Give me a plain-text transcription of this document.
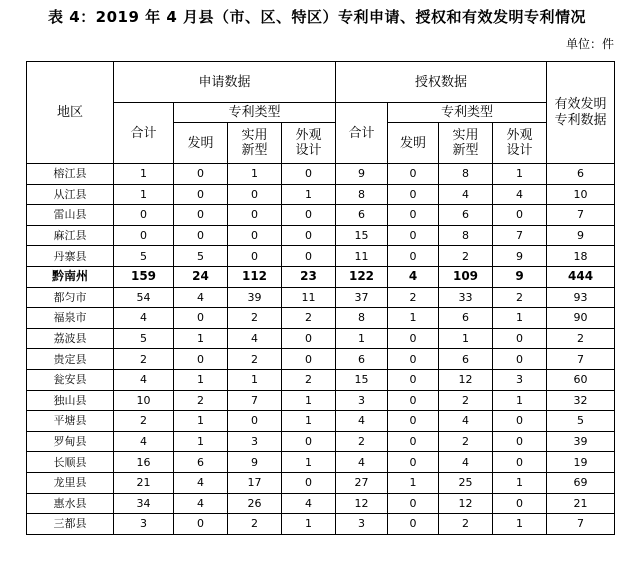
表 4：2019 年 4 月县（市、区、特区）专利申请、授权和有效发明专利情况
单位：件
地区	申请数据				授权数据				有效发明专利数据

	合计	专利类型			合计	专利类型			
		发明	实用新型	外观设计		发明	实用新型	外观设计	

榕江县	1	0	1	0	9	0	8	1	6
从江县	1	0	0	1	8	0	4	4	10
雷山县	0	0	0	0	6	0	6	0	7
麻江县	0	0	0	0	15	0	8	7	9
丹寨县	5	5	0	0	11	0	2	9	18
黔南州	159	24	112	23	122	4	109	9	444
都匀市	54	4	39	11	37	2	33	2	93
福泉市	4	0	2	2	8	1	6	1	90
荔波县	5	1	4	0	1	0	1	0	2
贵定县	2	0	2	0	6	0	6	0	7
瓮安县	4	1	1	2	15	0	12	3	60
独山县	10	2	7	1	3	0	2	1	32
平塘县	2	1	0	1	4	0	4	0	5
罗甸县	4	1	3	0	2	0	2	0	39
长顺县	16	6	9	1	4	0	4	0	19
龙里县	21	4	17	0	27	1	25	1	69
惠水县	34	4	26	4	12	0	12	0	21
三都县	3	0	2	1	3	0	2	1	7
